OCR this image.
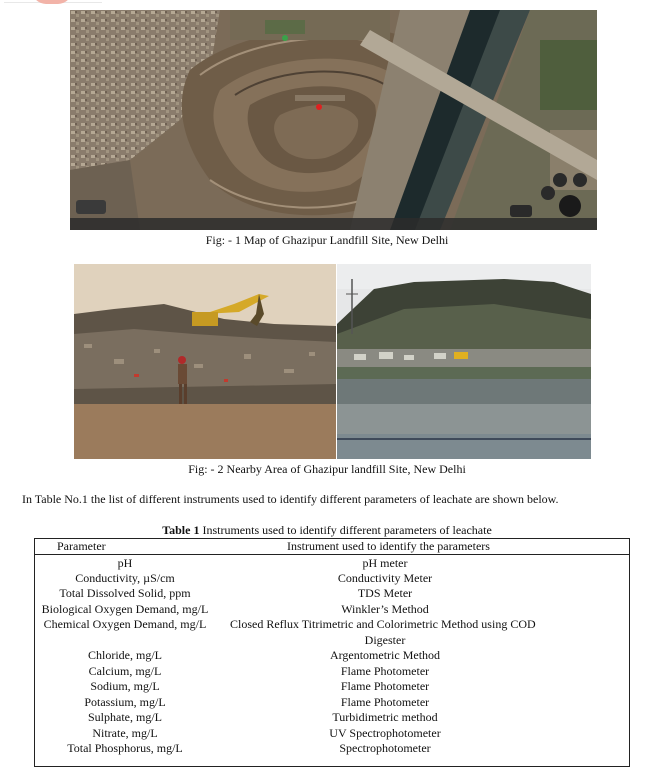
Fig: - 1 Map of Ghazipur Landfill Site, New Delhi
Fig: - 2 Nearby Area of Ghazipur landfill Site, New Delhi
In Table No.1 the list of different instruments used to identify different parameters of leachate are shown below.
Table 1 Instruments used to identify different parameters of leachate
Parameter	Instrument used to identify the parameters
pH	pH meter
Conductivity, µS/cm	Conductivity Meter
Total Dissolved Solid, ppm	TDS Meter
Biological Oxygen Demand, mg/L	Winkler’s Method
Chemical Oxygen Demand, mg/L	Closed Reflux Titrimetric and Colorimetric Method using COD
Digester
Chloride, mg/L	Argentometric Method
Calcium, mg/L	Flame Photometer
Sodium, mg/L	Flame Photometer
Potassium, mg/L	Flame Photometer
Sulphate, mg/L	Turbidimetric method
Nitrate, mg/L	UV Spectrophotometer
Total Phosphorus, mg/L	Spectrophotometer
